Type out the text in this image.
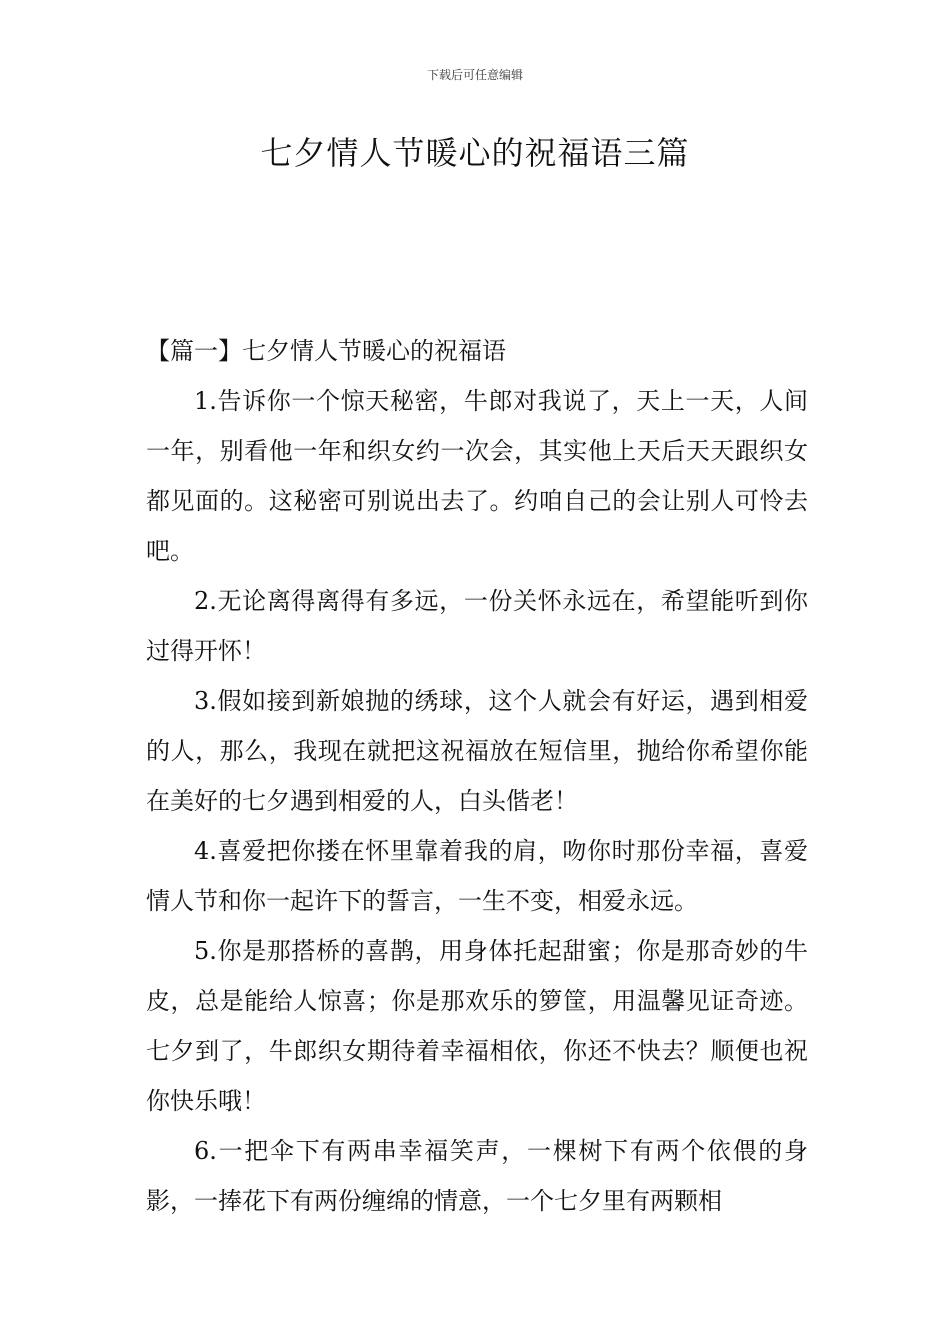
下载后可任意编辑
七夕情人节暖心的祝福语三篇

【篇一】七夕情人节暖心的祝福语

1.告诉你一个惊天秘密，牛郎对我说了，天上一天，人间一年，别看他一年和织女约一次会，其实他上天后天天跟织女都见面的。这秘密可别说出去了。约咱自己的会让别人可怜去吧。

2.无论离得离得有多远，一份关怀永远在，希望能听到你过得开怀！

3.假如接到新娘抛的绣球，这个人就会有好运，遇到相爱的人，那么，我现在就把这祝福放在短信里，抛给你希望你能在美好的七夕遇到相爱的人，白头偕老！

4.喜爱把你搂在怀里靠着我的肩，吻你时那份幸福，喜爱情人节和你一起许下的誓言，一生不变，相爱永远。

5.你是那搭桥的喜鹊，用身体托起甜蜜；你是那奇妙的牛皮，总是能给人惊喜；你是那欢乐的箩筐，用温馨见证奇迹。七夕到了，牛郎织女期待着幸福相依，你还不快去？顺便也祝你快乐哦！

6.一把伞下有两串幸福笑声，一棵树下有两个依偎的身影，一捧花下有两份缠绵的情意，一个七夕里有两颗相
